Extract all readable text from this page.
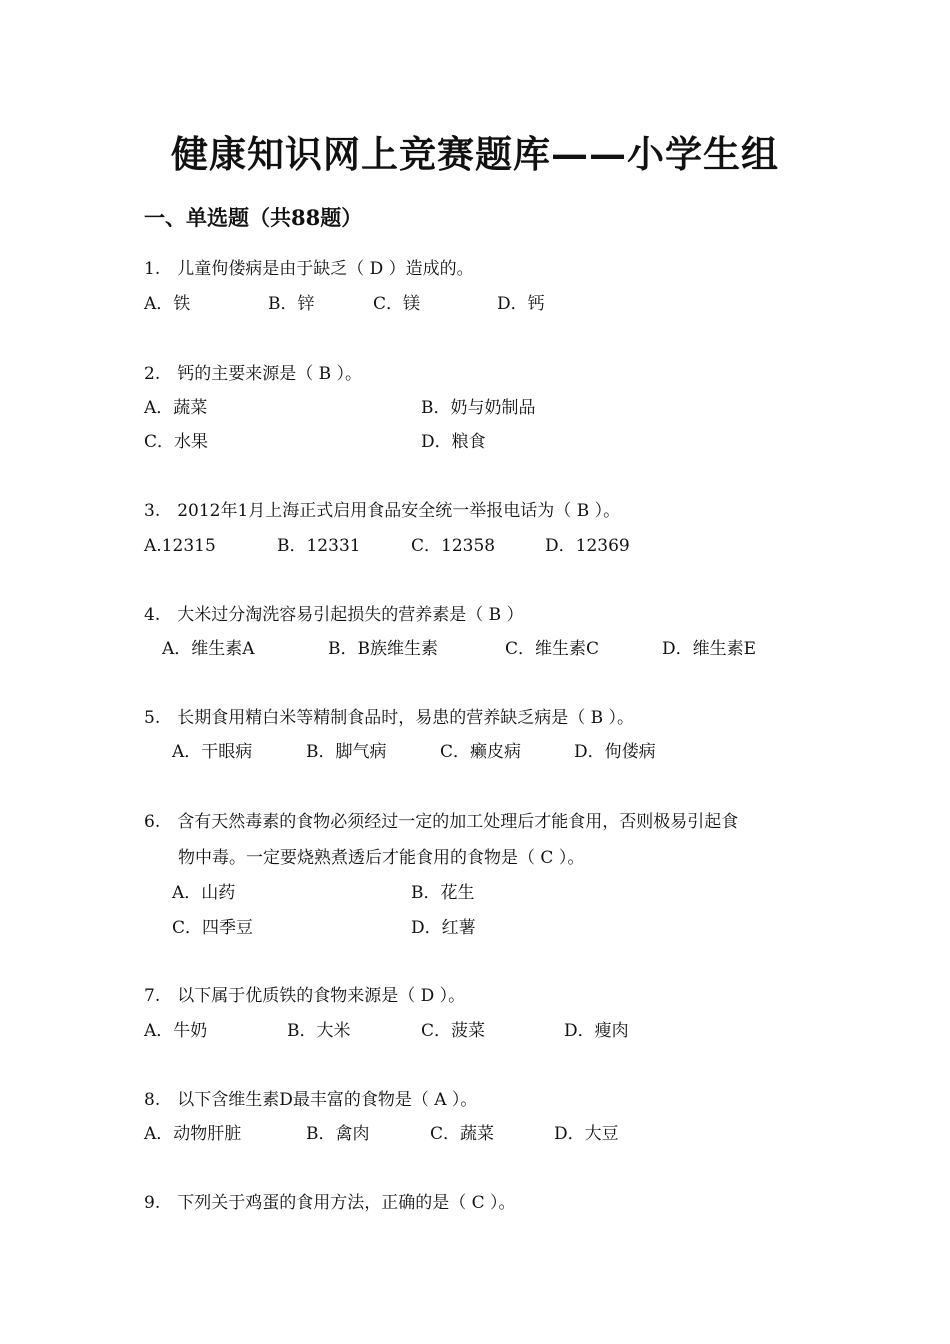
健康知识网上竞赛题库——小学生组
一、单选题（共88题）
1.　儿童佝偻病是由于缺乏（ D ）造成的。
A．铁	B．锌	C．镁	D．钙
2.　钙的主要来源是（ B ）。
A．蔬菜	B．奶与奶制品
C．水果	D．粮食
3.　2012年1月上海正式启用食品安全统一举报电话为（ B ）。
A.12315	B．12331	C．12358	D．12369
4.　大米过分淘洗容易引起损失的营养素是（ B ）
A．维生素A	B．B族维生素	C．维生素C	D．维生素E
5.　长期食用精白米等精制食品时，易患的营养缺乏病是（ B ）。
A．干眼病	B．脚气病	C．癞皮病	D．佝偻病
6.　含有天然毒素的食物必须经过一定的加工处理后才能食用，否则极易引起食
物中毒。一定要烧熟煮透后才能食用的食物是（ C ）。
A．山药	B．花生
C．四季豆	D．红薯
7.　以下属于优质铁的食物来源是（ D ）。
A．牛奶	B．大米	C．菠菜	D．瘦肉
8.　以下含维生素D最丰富的食物是（ A ）。
A．动物肝脏	B．禽肉	C．蔬菜	D．大豆
9.　下列关于鸡蛋的食用方法，正确的是（ C ）。
